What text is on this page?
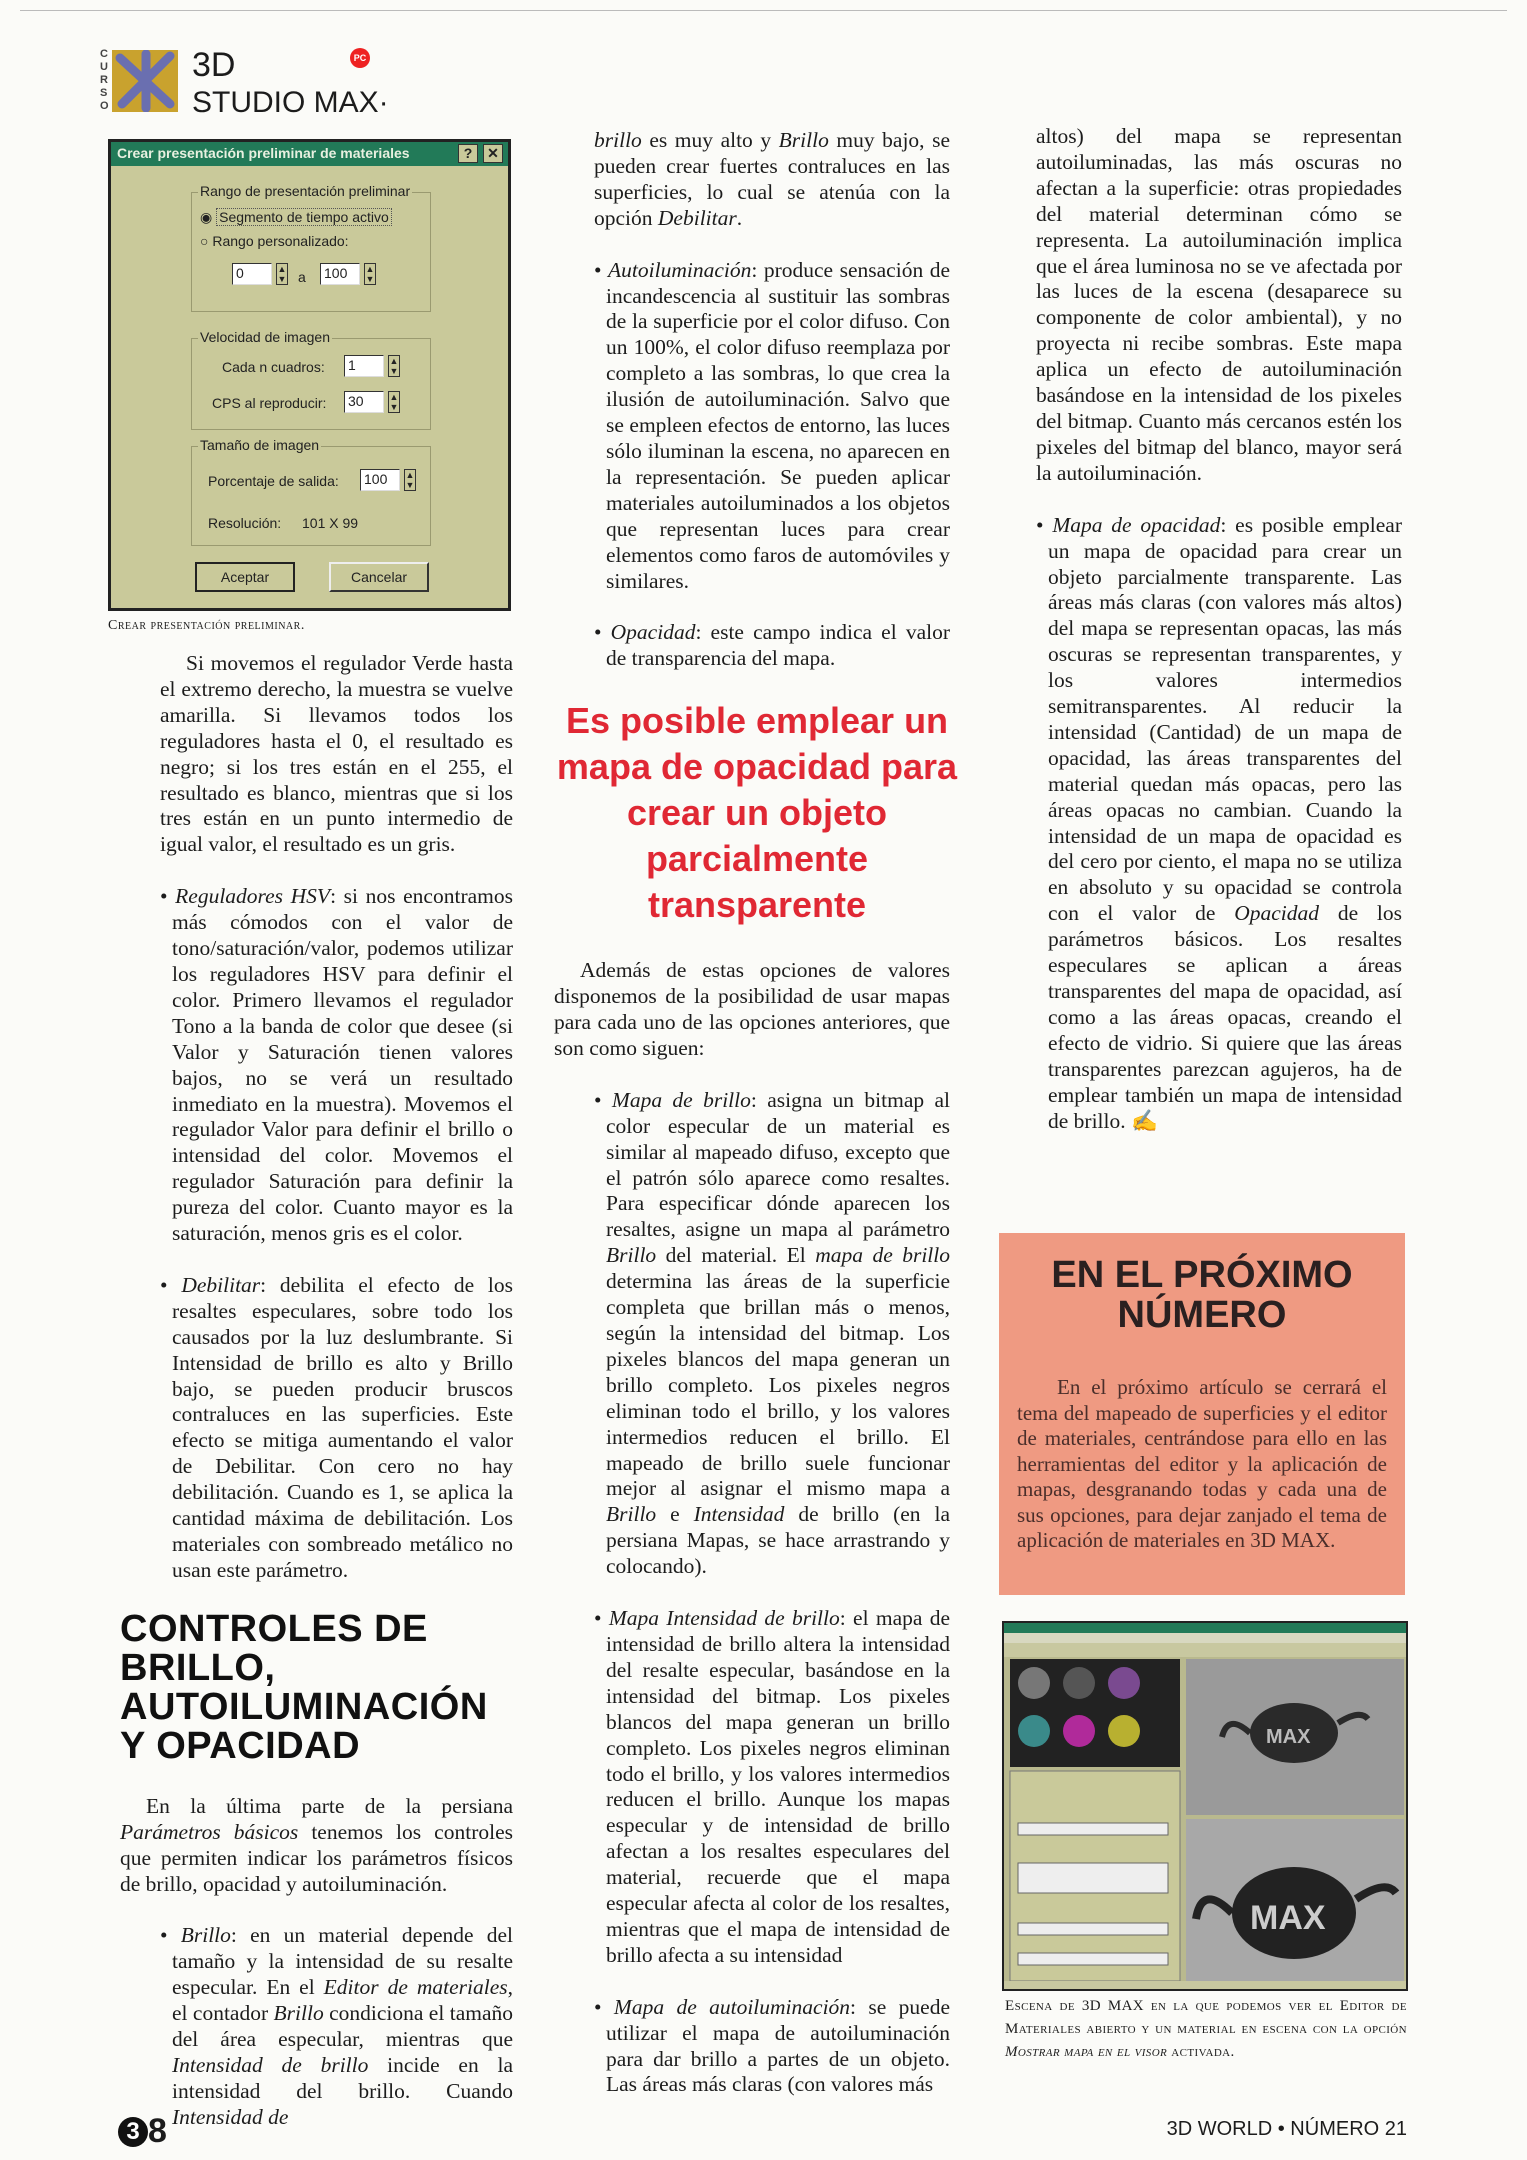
CURSO
3D
STUDIO MAX·
PC
Crear presentación preliminar de materiales	?	✕
Rango de presentación preliminar
◉ Segmento de tiempo activo
○ Rango personalizado:
0	▲
▼ a 100	▲
▼
Velocidad de imagen
Cada n cuadros: 1	▲
▼
CPS al reproducir: 30	▲
▼
Tamaño de imagen
Porcentaje de salida: 100	▲
▼
Resolución: 101 X 99
Aceptar	Cancelar
Crear presentación preliminar.

Si movemos el regulador Verde hasta el extremo derecho, la muestra se vuelve amarilla. Si llevamos todos los reguladores hasta el 0, el resultado es negro; si los tres están en el 255, el resultado es blanco, mientras que si los tres están en un punto intermedio de igual valor, el resultado es un gris.

• Reguladores HSV: si nos encontramos más cómodos con el valor de tono/saturación/valor, podemos utilizar los reguladores HSV para definir el color. Primero llevamos el regulador Tono a la banda de color que desee (si Valor y Saturación tienen valores bajos, no se verá un resultado inmediato en la muestra). Movemos el regulador Valor para definir el brillo o intensidad del color. Movemos el regulador Saturación para definir la pureza del color. Cuanto mayor es la saturación, menos gris es el color.

• Debilitar: debilita el efecto de los resaltes especulares, sobre todo los causados por la luz deslumbrante. Si Intensidad de brillo es alto y Brillo bajo, se pueden producir bruscos contraluces en las superficies. Este efecto se mitiga aumentando el valor de Debilitar. Con cero no hay debilitación. Cuando es 1, se aplica la cantidad máxima de debilitación. Los materiales con sombreado metálico no usan este parámetro.

CONTROLES DE BRILLO, AUTOILUMINACIÓN Y OPACIDAD

En la última parte de la persiana Parámetros básicos tenemos los controles que permiten indicar los parámetros físicos de brillo, opacidad y autoiluminación.

• Brillo: en un material depende del tamaño y la intensidad de su resalte especular. En el Editor de materiales, el contador Brillo condiciona el tamaño del área especular, mientras que Intensidad de brillo incide en la intensidad del brillo. Cuando Intensidad de

brillo es muy alto y Brillo muy bajo, se pueden crear fuertes contraluces en las superficies, lo cual se atenúa con la opción Debilitar.

• Autoiluminación: produce sensación de incandescencia al sustituir las sombras de la superficie por el color difuso. Con un 100%, el color difuso reemplaza por completo a las sombras, lo que crea la ilusión de autoiluminación. Salvo que se empleen efectos de entorno, las luces sólo iluminan la escena, no aparecen en la representación. Se pueden aplicar materiales autoiluminados a los objetos que representan luces para crear elementos como faros de automóviles y similares.

• Opacidad: este campo indica el valor de transparencia del mapa.

Es posible emplear un mapa de opacidad para crear un objeto parcialmente transparente

Además de estas opciones de valores disponemos de la posibilidad de usar mapas para cada uno de las opciones anteriores, que son como siguen:

• Mapa de brillo: asigna un bitmap al color especular de un material es similar al mapeado difuso, excepto que el patrón sólo aparece como resaltes. Para especificar dónde aparecen los resaltes, asigne un mapa al parámetro Brillo del material. El mapa de brillo determina las áreas de la superficie completa que brillan más o menos, según la intensidad del bitmap. Los pixeles blancos del mapa generan un brillo completo. Los pixeles negros eliminan todo el brillo, y los valores intermedios reducen el brillo. El mapeado de brillo suele funcionar mejor al asignar el mismo mapa a Brillo e Intensidad de brillo (en la persiana Mapas, se hace arrastrando y colocando).

• Mapa Intensidad de brillo: el mapa de intensidad de brillo altera la intensidad del resalte especular, basándose en la intensidad del bitmap. Los pixeles blancos del mapa generan un brillo completo. Los pixeles negros eliminan todo el brillo, y los valores intermedios reducen el brillo. Aunque los mapas especular y de intensidad de brillo afectan a los resaltes especulares del material, recuerde que el mapa especular afecta al color de los resaltes, mientras que el mapa de intensidad de brillo afecta a su intensidad

• Mapa de autoiluminación: se puede utilizar el mapa de autoiluminación para dar brillo a partes de un objeto. Las áreas más claras (con valores más

altos) del mapa se representan autoiluminadas, las más oscuras no afectan a la superficie: otras propiedades del material determinan cómo se representa. La autoiluminación implica que el área luminosa no se ve afectada por las luces de la escena (desaparece su componente de color ambiental), y no proyecta ni recibe sombras. Este mapa aplica un efecto de autoiluminación basándose en la intensidad de los pixeles del bitmap. Cuanto más cercanos estén los pixeles del bitmap del blanco, mayor será la autoiluminación.

• Mapa de opacidad: es posible emplear un mapa de opacidad para crear un objeto parcialmente transparente. Las áreas más claras (con valores más altos) del mapa se representan opacas, las más oscuras se representan transparentes, y los valores intermedios semitransparentes. Al reducir la intensidad (Cantidad) de un mapa de opacidad, las áreas transparentes del material quedan más opacas, pero las áreas opacas no cambian. Cuando la intensidad de un mapa de opacidad es del cero por ciento, el mapa no se utiliza en absoluto y su opacidad se controla con el valor de Opacidad de los parámetros básicos. Los resaltes especulares se aplican a áreas transparentes del mapa de opacidad, así como a las áreas opacas, creando el efecto de vidrio. Si quiere que las áreas transparentes parezcan agujeros, ha de emplear también un mapa de intensidad de brillo. ✍

EN EL PRÓXIMO NÚMERO

En el próximo artículo se cerrará el tema del mapeado de superficies y el editor de materiales, centrándose para ello en las herramientas del editor y la aplicación de mapas, desgranando todas y cada una de sus opciones, para dejar zanjado el tema de aplicación de materiales en 3D MAX.

MAX
MAX

Escena de 3D MAX en la que podemos ver el Editor de Materiales abierto y un material en escena con la opción Mostrar mapa en el visor activada.

3 8	3D WORLD • NÚMERO 21
